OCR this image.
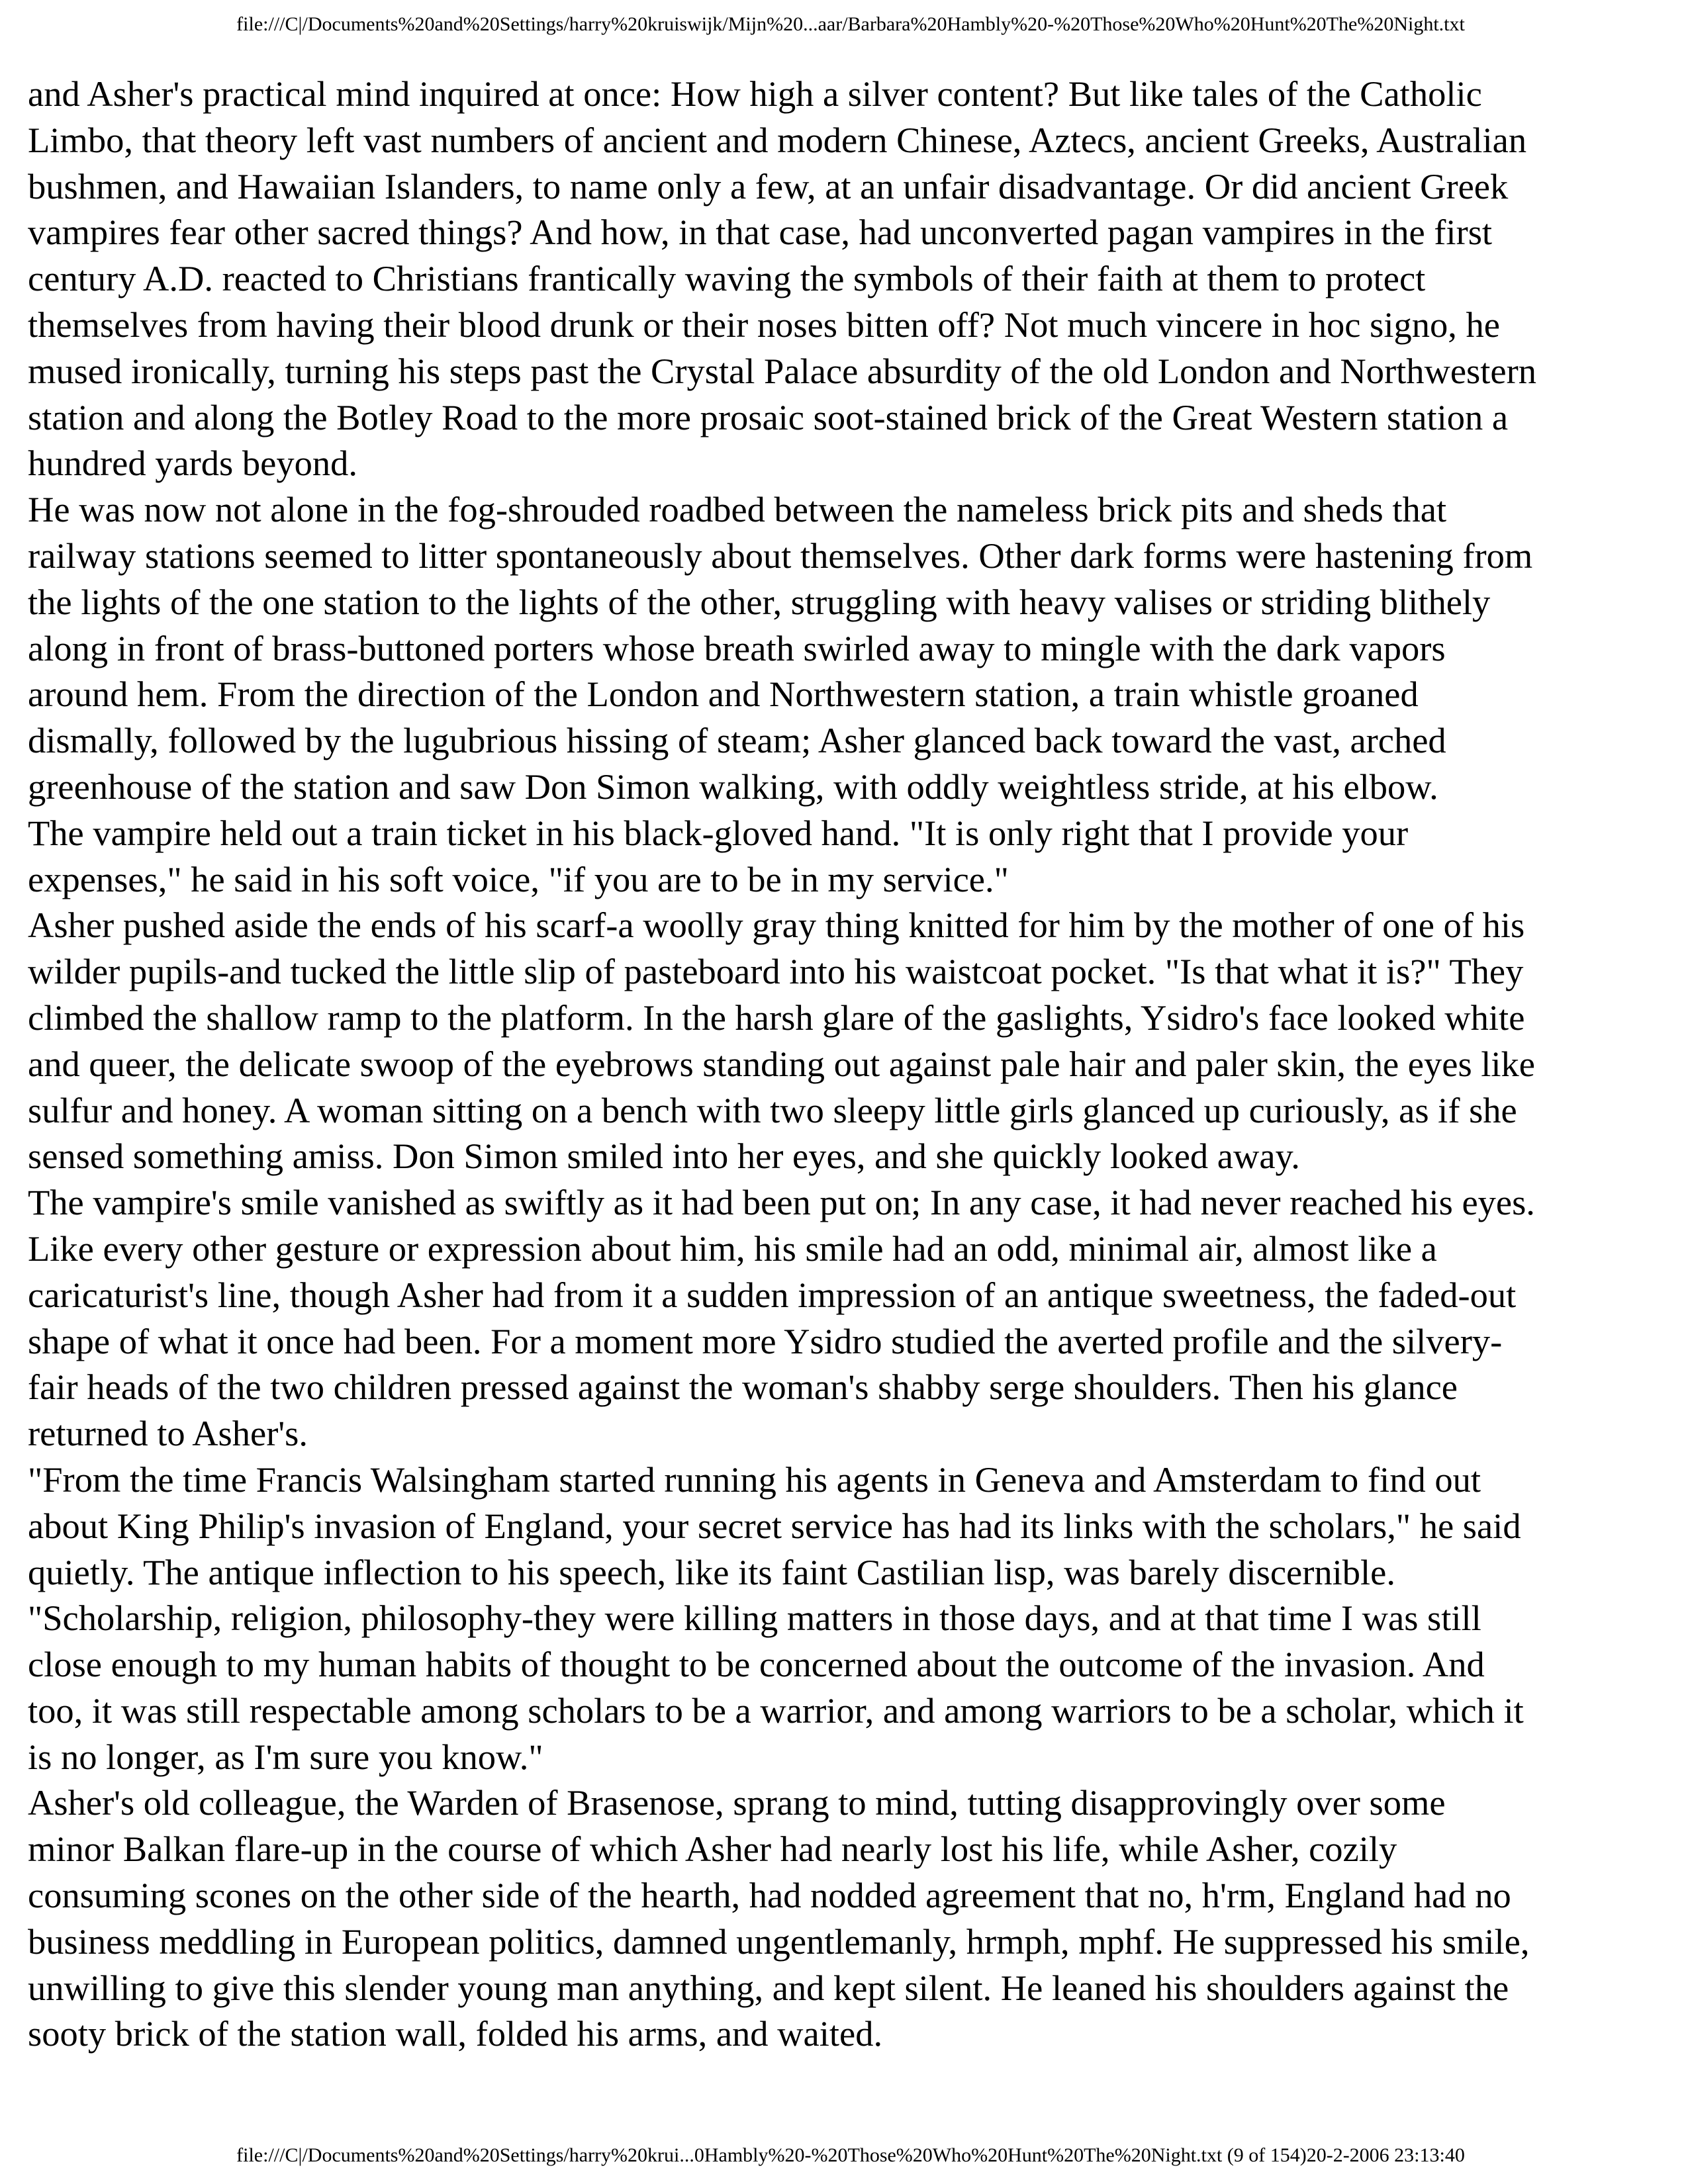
file:///C|/Documents%20and%20Settings/harry%20kruiswijk/Mijn%20...aar/Barbara%20Hambly%20-%20Those%20Who%20Hunt%20The%20Night.txt
and Asher's practical mind inquired at once: How high a silver content? But like tales of the Catholic
Limbo, that theory left vast numbers of ancient and modern Chinese, Aztecs, ancient Greeks, Australian
bushmen, and Hawaiian Islanders, to name only a few, at an unfair disadvantage. Or did ancient Greek
vampires fear other sacred things? And how, in that case, had unconverted pagan vampires in the first
century A.D. reacted to Christians frantically waving the symbols of their faith at them to protect
themselves from having their blood drunk or their noses bitten off? Not much vincere in hoc signo, he
mused ironically, turning his steps past the Crystal Palace absurdity of the old London and Northwestern
station and along the Botley Road to the more prosaic soot-stained brick of the Great Western station a
hundred yards beyond.
He was now not alone in the fog-shrouded roadbed between the nameless brick pits and sheds that
railway stations seemed to litter spontaneously about themselves. Other dark forms were hastening from
the lights of the one station to the lights of the other, struggling with heavy valises or striding blithely
along in front of brass-buttoned porters whose breath swirled away to mingle with the dark vapors
around hem. From the direction of the London and Northwestern station, a train whistle groaned
dismally, followed by the lugubrious hissing of steam; Asher glanced back toward the vast, arched
greenhouse of the station and saw Don Simon walking, with oddly weightless stride, at his elbow.
The vampire held out a train ticket in his black-gloved hand. "It is only right that I provide your
expenses," he said in his soft voice, "if you are to be in my service."
Asher pushed aside the ends of his scarf-a woolly gray thing knitted for him by the mother of one of his
wilder pupils-and tucked the little slip of pasteboard into his waistcoat pocket. "Is that what it is?" They
climbed the shallow ramp to the platform. In the harsh glare of the gaslights, Ysidro's face looked white
and queer, the delicate swoop of the eyebrows standing out against pale hair and paler skin, the eyes like
sulfur and honey. A woman sitting on a bench with two sleepy little girls glanced up curiously, as if she
sensed something amiss. Don Simon smiled into her eyes, and she quickly looked away.
The vampire's smile vanished as swiftly as it had been put on; In any case, it had never reached his eyes.
Like every other gesture or expression about him, his smile had an odd, minimal air, almost like a
caricaturist's line, though Asher had from it a sudden impression of an antique sweetness, the faded-out
shape of what it once had been. For a moment more Ysidro studied the averted profile and the silvery-
fair heads of the two children pressed against the woman's shabby serge shoulders. Then his glance
returned to Asher's.
"From the time Francis Walsingham started running his agents in Geneva and Amsterdam to find out
about King Philip's invasion of England, your secret service has had its links with the scholars," he said
quietly. The antique inflection to his speech, like its faint Castilian lisp, was barely discernible.
"Scholarship, religion, philosophy-they were killing matters in those days, and at that time I was still
close enough to my human habits of thought to be concerned about the outcome of the invasion. And
too, it was still respectable among scholars to be a warrior, and among warriors to be a scholar, which it
is no longer, as I'm sure you know."
Asher's old colleague, the Warden of Brasenose, sprang to mind, tutting disapprovingly over some
minor Balkan flare-up in the course of which Asher had nearly lost his life, while Asher, cozily
consuming scones on the other side of the hearth, had nodded agreement that no, h'rm, England had no
business meddling in European politics, damned ungentlemanly, hrmph, mphf. He suppressed his smile,
unwilling to give this slender young man anything, and kept silent. He leaned his shoulders against the
sooty brick of the station wall, folded his arms, and waited.
file:///C|/Documents%20and%20Settings/harry%20krui...0Hambly%20-%20Those%20Who%20Hunt%20The%20Night.txt (9 of 154)20-2-2006 23:13:40
